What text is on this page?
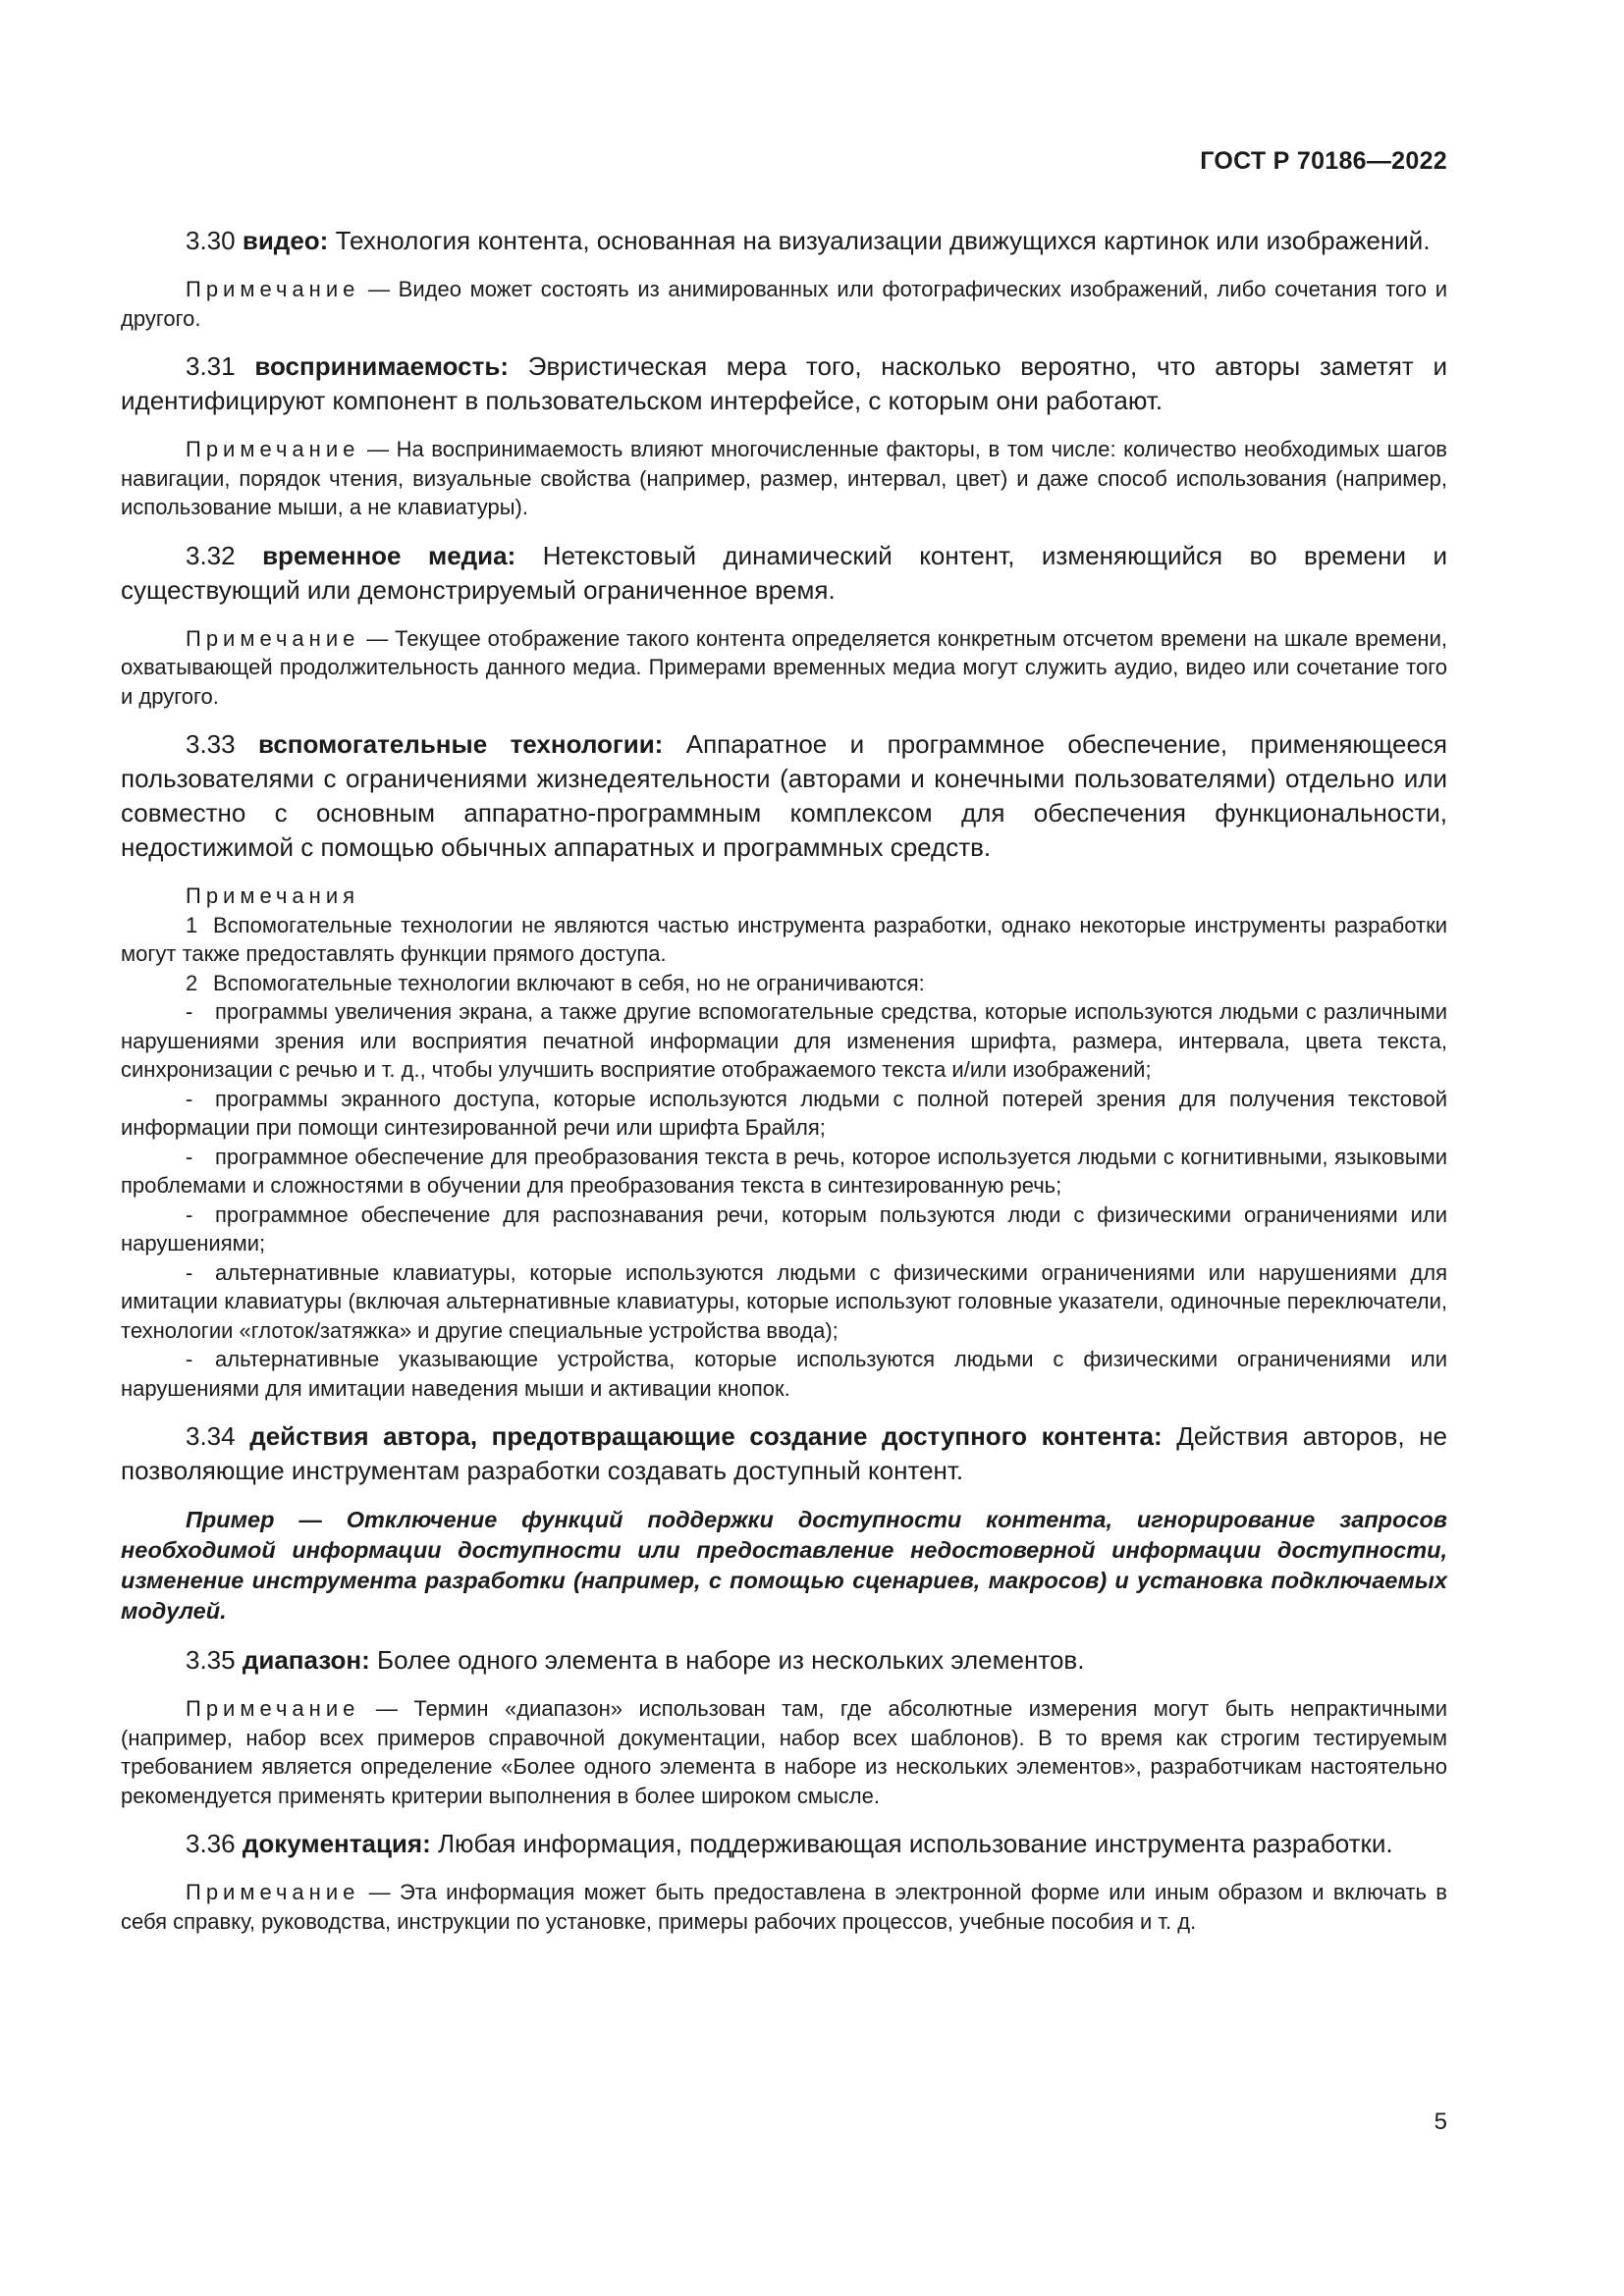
ГОСТ Р 70186—2022

3.30 видео: Технология контента, основанная на визуализации движущихся картинок или изображений.

Примечание — Видео может состоять из анимированных или фотографических изображений, либо сочетания того и другого.

3.31 воспринимаемость: Эвристическая мера того, насколько вероятно, что авторы заметят и идентифицируют компонент в пользовательском интерфейсе, с которым они работают.

Примечание — На воспринимаемость влияют многочисленные факторы, в том числе: количество необходимых шагов навигации, порядок чтения, визуальные свойства (например, размер, интервал, цвет) и даже способ использования (например, использование мыши, а не клавиатуры).

3.32 временное медиа: Нетекстовый динамический контент, изменяющийся во времени и существующий или демонстрируемый ограниченное время.

Примечание — Текущее отображение такого контента определяется конкретным отсчетом времени на шкале времени, охватывающей продолжительность данного медиа. Примерами временных медиа могут служить аудио, видео или сочетание того и другого.

3.33 вспомогательные технологии: Аппаратное и программное обеспечение, применяющееся пользователями с ограничениями жизнедеятельности (авторами и конечными пользователями) отдельно или совместно с основным аппаратно-программным комплексом для обеспечения функциональности, недостижимой с помощью обычных аппаратных и программных средств.

Примечания

1 Вспомогательные технологии не являются частью инструмента разработки, однако некоторые инструменты разработки могут также предоставлять функции прямого доступа.

2 Вспомогательные технологии включают в себя, но не ограничиваются:

- программы увеличения экрана, а также другие вспомогательные средства, которые используются людьми с различными нарушениями зрения или восприятия печатной информации для изменения шрифта, размера, интервала, цвета текста, синхронизации с речью и т. д., чтобы улучшить восприятие отображаемого текста и/или изображений;

- программы экранного доступа, которые используются людьми с полной потерей зрения для получения текстовой информации при помощи синтезированной речи или шрифта Брайля;

- программное обеспечение для преобразования текста в речь, которое используется людьми с когнитивными, языковыми проблемами и сложностями в обучении для преобразования текста в синтезированную речь;

- программное обеспечение для распознавания речи, которым пользуются люди с физическими ограничениями или нарушениями;

- альтернативные клавиатуры, которые используются людьми с физическими ограничениями или нарушениями для имитации клавиатуры (включая альтернативные клавиатуры, которые используют головные указатели, одиночные переключатели, технологии «глоток/затяжка» и другие специальные устройства ввода);

- альтернативные указывающие устройства, которые используются людьми с физическими ограничениями или нарушениями для имитации наведения мыши и активации кнопок.

3.34 действия автора, предотвращающие создание доступного контента: Действия авторов, не позволяющие инструментам разработки создавать доступный контент.

Пример — Отключение функций поддержки доступности контента, игнорирование запросов необходимой информации доступности или предоставление недостоверной информации доступности, изменение инструмента разработки (например, с помощью сценариев, макросов) и установка подключаемых модулей.

3.35 диапазон: Более одного элемента в наборе из нескольких элементов.

Примечание — Термин «диапазон» использован там, где абсолютные измерения могут быть непрактичными (например, набор всех примеров справочной документации, набор всех шаблонов). В то время как строгим тестируемым требованием является определение «Более одного элемента в наборе из нескольких элементов», разработчикам настоятельно рекомендуется применять критерии выполнения в более широком смысле.

3.36 документация: Любая информация, поддерживающая использование инструмента разработки.

Примечание — Эта информация может быть предоставлена в электронной форме или иным образом и включать в себя справку, руководства, инструкции по установке, примеры рабочих процессов, учебные пособия и т. д.

5
